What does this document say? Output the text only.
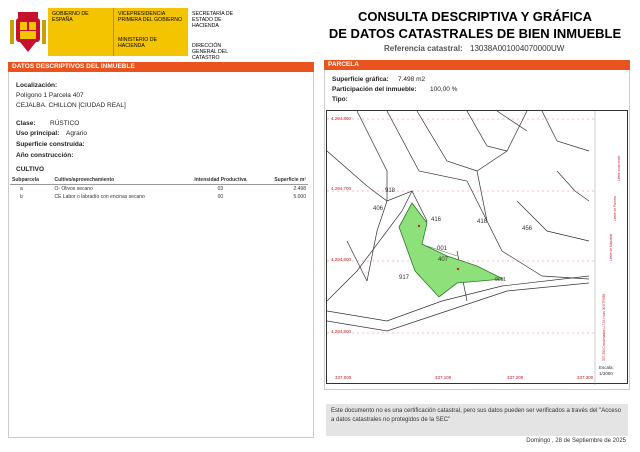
GOBIERNO DE ESPAÑA
VICEPRESIDENCIA PRIMERA DEL GOBIERNO
MINISTERIO DE HACIENDA
SECRETARÍA DE ESTADO DE HACIENDA
DIRECCIÓN GENERAL DEL CATASTRO
CONSULTA DESCRIPTIVA Y GRÁFICA
DE DATOS CATASTRALES DE BIEN INMUEBLE
Referencia catastral: 13038A001004070000UW
DATOS DESCRIPTIVOS DEL INMUEBLE
Localización:
Polígono 1 Parcela 407
CEJALBA. CHILLON [CIUDAD REAL]
Clase: RÚSTICO
Uso principal: Agrario
Superficie construida:
Año construcción:
CULTIVO
Subparcela	Cultivo/aprovechamiento	Intensidad Productiva	Superficie m²
a	O- Olivos secano	03	2.498
b	CE Labor o labradío con encinas secano	00	5.000
PARCELA
Superficie gráfica: 7.498 m2
Participación del inmueble: 100,00 %
Tipo:
337.300 Coordenadas U.T.M. Huso 30 ETRS89
Límite de Manzana
Límite de Parcela
Límite zona verde
4.294.800
4.294.700
4.294.600
4.294.500
337.000	337.100	337.200	337.300
918
406
416	418
456
001
407
917	9011
Escala:
1/3000
Este documento no es una certificación catastral, pero sus datos pueden ser verificados a través del "Acceso a datos catastrales no protegidos de la SEC"
Domingo , 28 de Septiembre de 2025
